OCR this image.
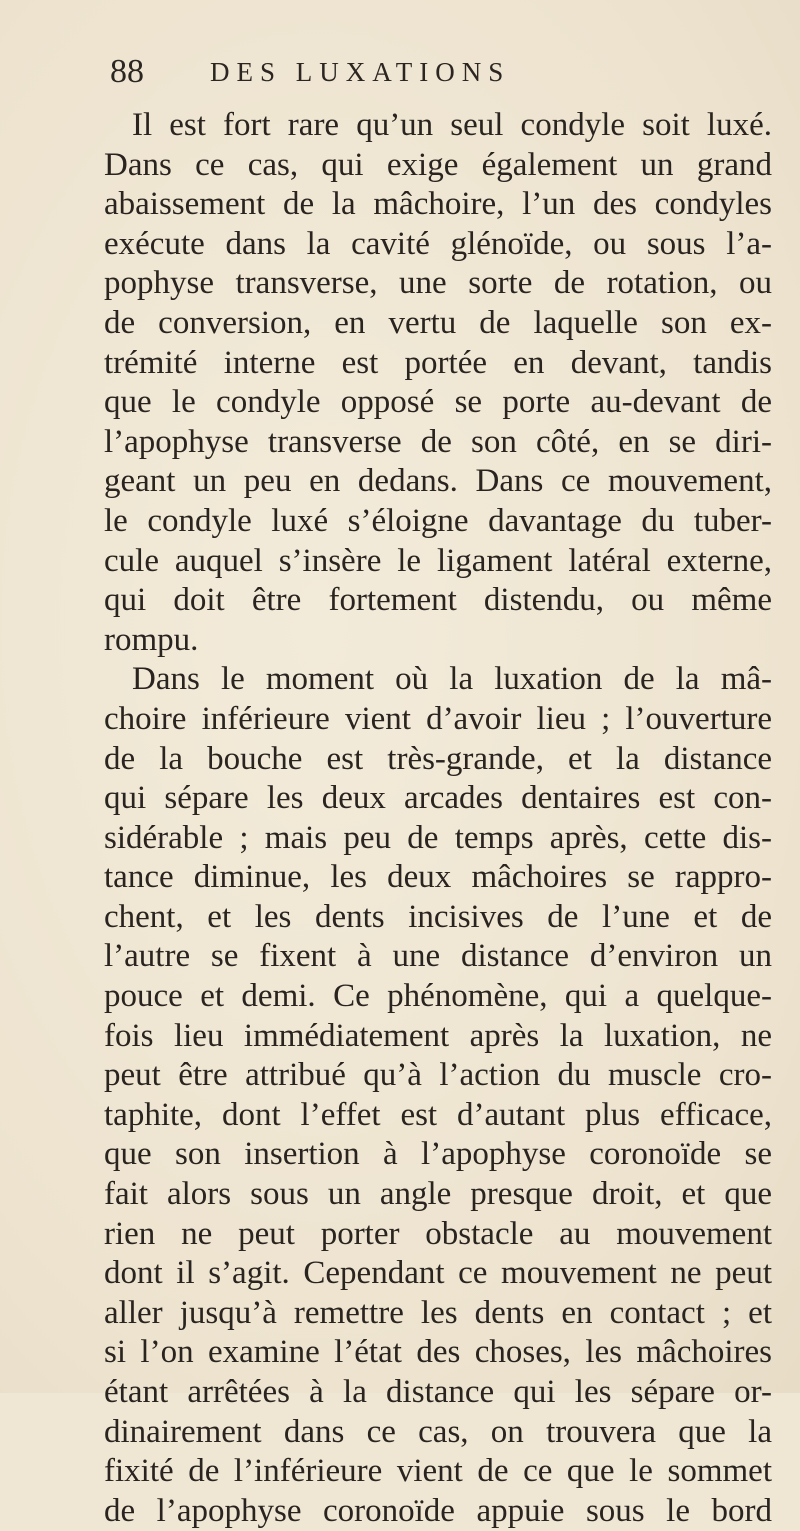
88 DES LUXATIONS
Il est fort rare qu’un seul condyle soit luxé.
Dans ce cas, qui exige également un grand
abaissement de la mâchoire, l’un des condyles
exécute dans la cavité glénoïde, ou sous l’a-
pophyse transverse, une sorte de rotation, ou
de conversion, en vertu de laquelle son ex-
trémité interne est portée en devant, tandis
que le condyle opposé se porte au-devant de
l’apophyse transverse de son côté, en se diri-
geant un peu en dedans. Dans ce mouvement,
le condyle luxé s’éloigne davantage du tuber-
cule auquel s’insère le ligament latéral externe,
qui doit être fortement distendu, ou même
rompu.
Dans le moment où la luxation de la mâ-
choire inférieure vient d’avoir lieu ; l’ouverture
de la bouche est très-grande, et la distance
qui sépare les deux arcades dentaires est con-
sidérable ; mais peu de temps après, cette dis-
tance diminue, les deux mâchoires se rappro-
chent, et les dents incisives de l’une et de
l’autre se fixent à une distance d’environ un
pouce et demi. Ce phénomène, qui a quelque-
fois lieu immédiatement après la luxation, ne
peut être attribué qu’à l’action du muscle cro-
taphite, dont l’effet est d’autant plus efficace,
que son insertion à l’apophyse coronoïde se
fait alors sous un angle presque droit, et que
rien ne peut porter obstacle au mouvement
dont il s’agit. Cependant ce mouvement ne peut
aller jusqu’à remettre les dents en contact ; et
si l’on examine l’état des choses, les mâchoires
étant arrêtées à la distance qui les sépare or-
dinairement dans ce cas, on trouvera que la
fixité de l’inférieure vient de ce que le sommet
de l’apophyse coronoïde appuie sous le bord
